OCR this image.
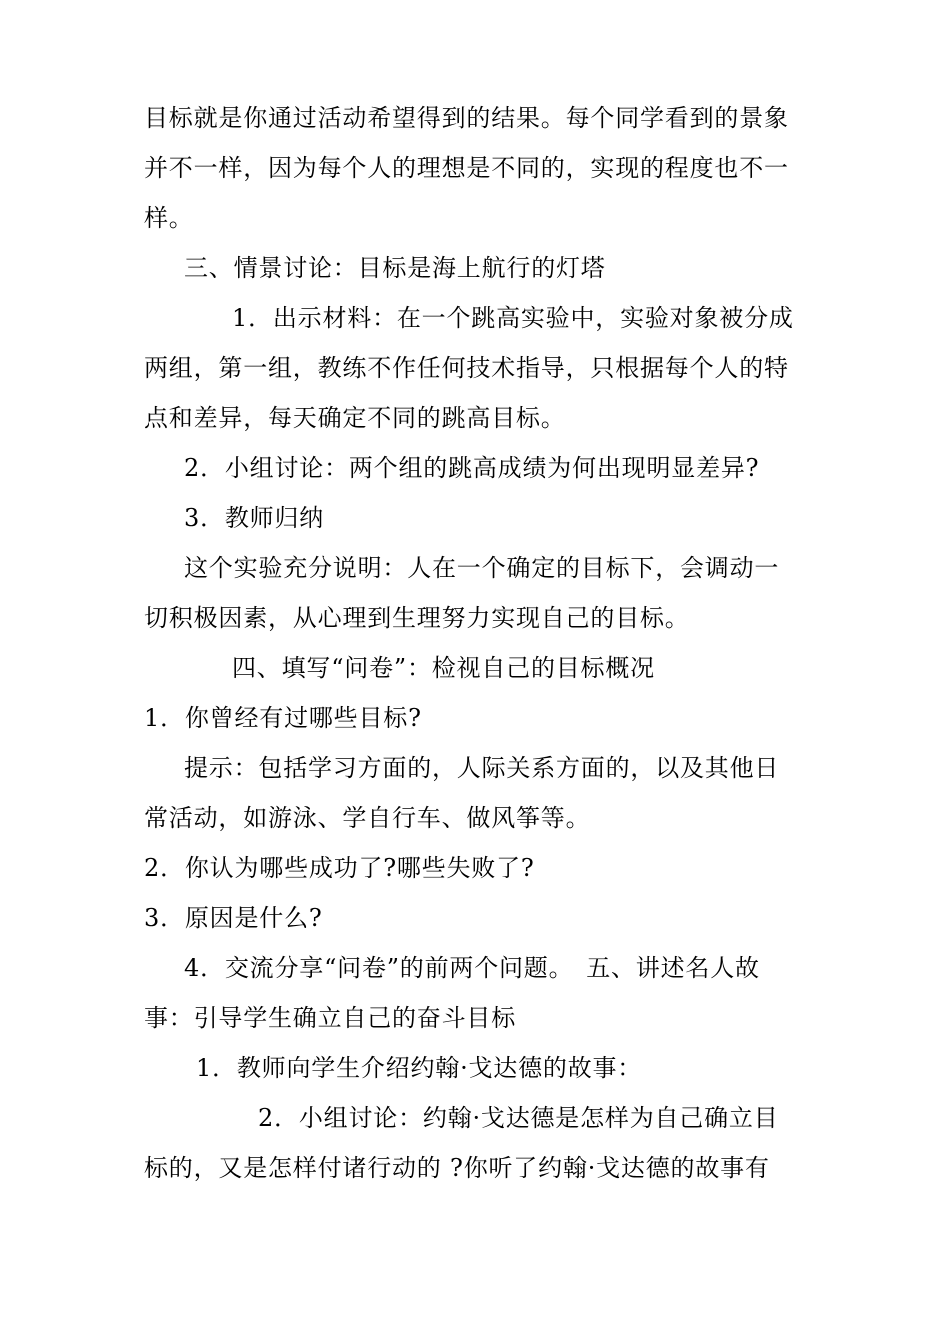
目标就是你通过活动希望得到的结果。每个同学看到的景象
并不一样，因为每个人的理想是不同的，实现的程度也不一
样。
三、情景讨论：目标是海上航行的灯塔
1．出示材料：在一个跳高实验中，实验对象被分成
两组，第一组，教练不作任何技术指导，只根据每个人的特
点和差异，每天确定不同的跳高目标。
2．小组讨论：两个组的跳高成绩为何出现明显差异?
3．教师归纳
这个实验充分说明：人在一个确定的目标下，会调动一
切积极因素，从心理到生理努力实现自己的目标。
四、填写“问卷”：检视自己的目标概况
1．你曾经有过哪些目标?
提示：包括学习方面的，人际关系方面的，以及其他日
常活动，如游泳、学自行车、做风筝等。
2．你认为哪些成功了?哪些失败了?
3．原因是什么?
4．交流分享“问卷”的前两个问题。　五、讲述名人故
事：引导学生确立自己的奋斗目标
1．教师向学生介绍约翰·戈达德的故事：
2．小组讨论：约翰·戈达德是怎样为自己确立目
标的，又是怎样付诸行动的 ?你听了约翰·戈达德的故事有
